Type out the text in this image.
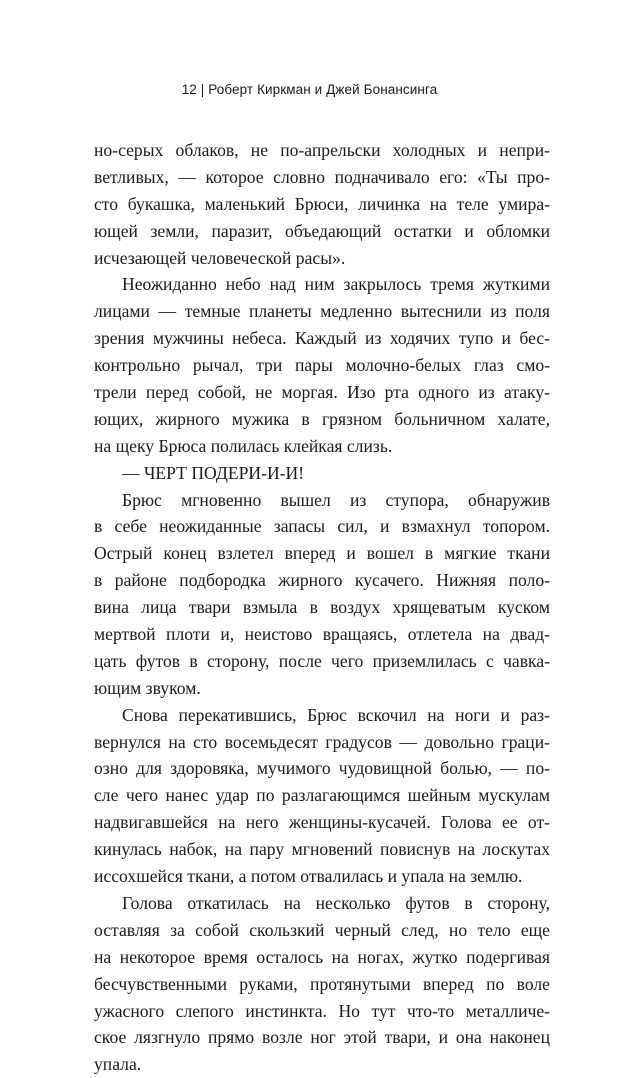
12 | Роберт Киркман и Джей Бонансинга
но-серых облаков, не по-апрельски холодных и непри-
ветливых, — которое словно подначивало его: «Ты про-
сто букашка, маленький Брюси, личинка на теле умира-
ющей земли, паразит, объедающий остатки и обломки
исчезающей человеческой расы».
Неожиданно небо над ним закрылось тремя жуткими
лицами — темные планеты медленно вытеснили из поля
зрения мужчины небеса. Каждый из ходячих тупо и бес-
контрольно рычал, три пары молочно-белых глаз смо-
трели перед собой, не моргая. Изо рта одного из атаку-
ющих, жирного мужика в грязном больничном халате,
на щеку Брюса полилась клейкая слизь.
— ЧЕРТ ПОДЕРИ-И-И!
Брюс мгновенно вышел из ступора, обнаружив
в себе неожиданные запасы сил, и взмахнул топором.
Острый конец взлетел вперед и вошел в мягкие ткани
в районе подбородка жирного кусачего. Нижняя поло-
вина лица твари взмыла в воздух хрящеватым куском
мертвой плоти и, неистово вращаясь, отлетела на двад-
цать футов в сторону, после чего приземлилась с чавка-
ющим звуком.
Снова перекатившись, Брюс вскочил на ноги и раз-
вернулся на сто восемьдесят градусов — довольно граци-
озно для здоровяка, мучимого чудовищной болью, — по-
сле чего нанес удар по разлагающимся шейным мускулам
надвигавшейся на него женщины-кусачей. Голова ее от-
кинулась набок, на пару мгновений повиснув на лоскутах
иссохшейся ткани, а потом отвалилась и упала на землю.
Голова откатилась на несколько футов в сторону,
оставляя за собой скользкий черный след, но тело еще
на некоторое время осталось на ногах, жутко подергивая
бесчувственными руками, протянутыми вперед по воле
ужасного слепого инстинкта. Но тут что-то металличе-
ское лязгнуло прямо возле ног этой твари, и она наконец
упала.
